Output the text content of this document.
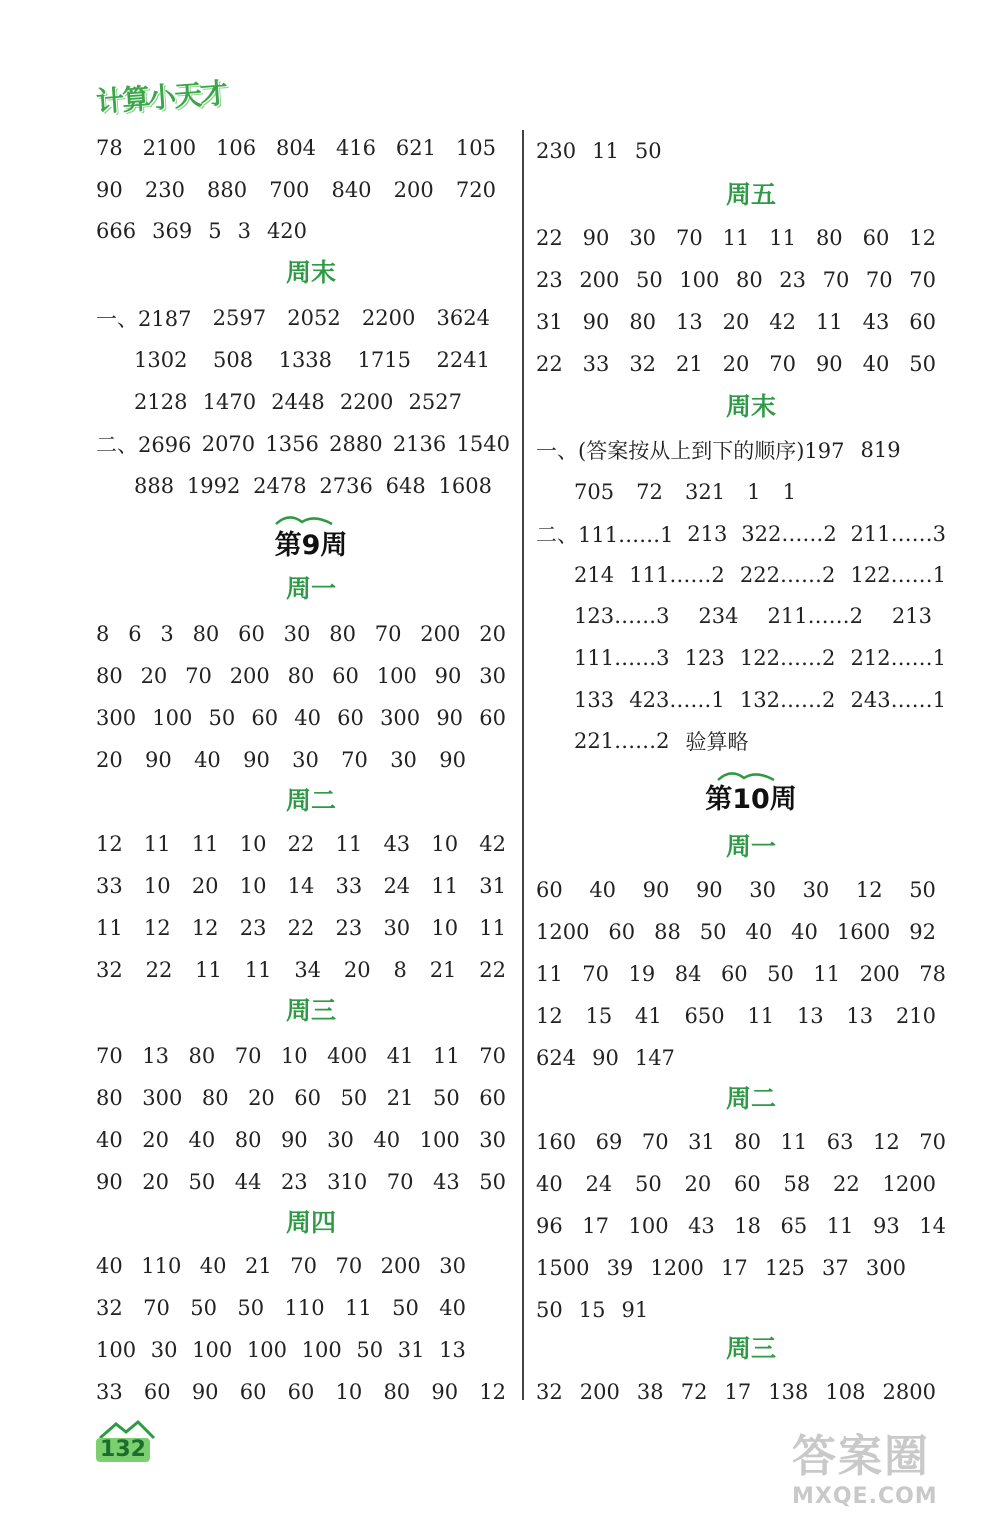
计算小天才
78 2100 106 804 416 621 105
90 230 880 700 840 200 720
666 369 5 3 420
周末
一、2187 2597 2052 2200 3624
1302 508 1338 1715 2241
2128 1470 2448 2200 2527
二、2696 2070 1356 2880 2136 1540
888 1992 2478 2736 648 1608
第9周
周一
8 6 3 80 60 30 80 70 200 20
80 20 70 200 80 60 100 90 30
300 100 50 60 40 60 300 90 60
20 90 40 90 30 70 30 90
周二
12 11 11 10 22 11 43 10 42
33 10 20 10 14 33 24 11 31
11 12 12 23 22 23 30 10 11
32 22 11 11 34 20 8 21 22
周三
70 13 80 70 10 400 41 11 70
80 300 80 20 60 50 21 50 60
40 20 40 80 90 30 40 100 30
90 20 50 44 23 310 70 43 50
周四
40 110 40 21 70 70 200 30
32 70 50 50 110 11 50 40
100 30 100 100 100 50 31 13
33 60 90 60 60 10 80 90 12
230 11 50
周五
22 90 30 70 11 11 80 60 12
23 200 50 100 80 23 70 70 70
31 90 80 13 20 42 11 43 60
22 33 32 21 20 70 90 40 50
周末
一、(答案按从上到下的顺序)197 819
705 72 321 1 1
二、111……1 213 322……2 211……3
214 111……2 222……2 122……1
123……3 234 211……2 213
111……3 123 122……2 212……1
133 423……1 132……2 243……1
221……2 验算略
第10周
周一
60 40 90 90 30 30 12 50
1200 60 88 50 40 40 1600 92
11 70 19 84 60 50 11 200 78
12 15 41 650 11 13 13 210
624 90 147
周二
160 69 70 31 80 11 63 12 70
40 24 50 20 60 58 22 1200
96 17 100 43 18 65 11 93 14
1500 39 1200 17 125 37 300
50 15 91
周三
32 200 38 72 17 138 108 2800
132	答案圈
MXQE.COM
